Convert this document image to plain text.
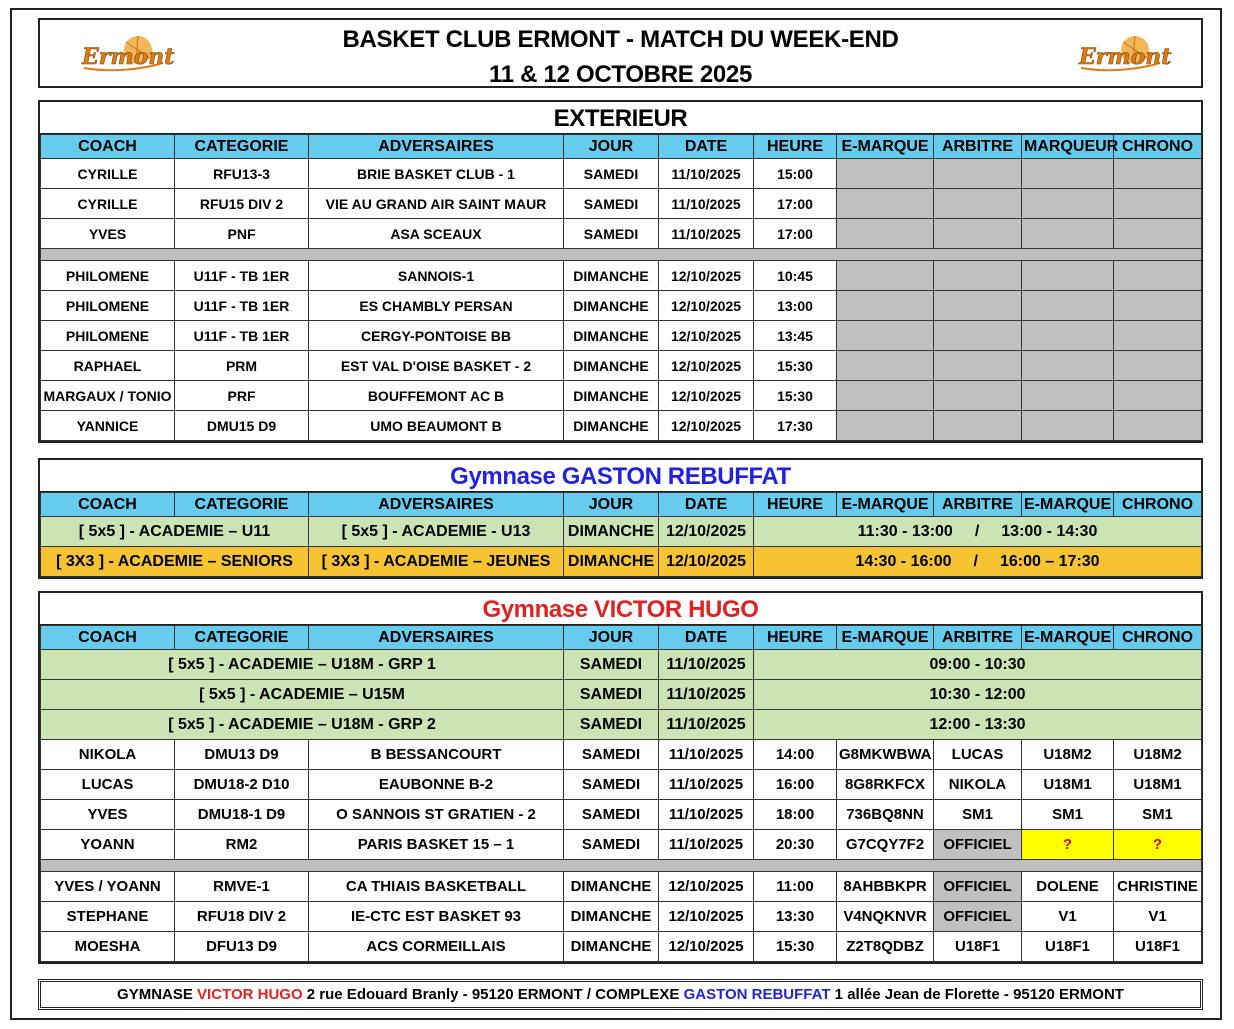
Ermont
BASKET CLUB ERMONT - MATCH DU WEEK-END
11 & 12 OCTOBRE 2025
Ermont
EXTERIEUR
COACH	CATEGORIE	ADVERSAIRES	JOUR	DATE	HEURE	E-MARQUE	ARBITRE	MARQUEUR	CHRONO
CYRILLE	RFU13-3	BRIE BASKET CLUB - 1	SAMEDI	11/10/2025	15:00				
CYRILLE	RFU15 DIV 2	VIE AU GRAND AIR SAINT MAUR	SAMEDI	11/10/2025	17:00				
YVES	PNF	ASA SCEAUX	SAMEDI	11/10/2025	17:00				

PHILOMENE	U11F - TB 1ER	SANNOIS-1	DIMANCHE	12/10/2025	10:45				
PHILOMENE	U11F - TB 1ER	ES CHAMBLY PERSAN	DIMANCHE	12/10/2025	13:00				
PHILOMENE	U11F - TB 1ER	CERGY-PONTOISE BB	DIMANCHE	12/10/2025	13:45				
RAPHAEL	PRM	EST VAL D'OISE BASKET - 2	DIMANCHE	12/10/2025	15:30				
MARGAUX / TONIO	PRF	BOUFFEMONT AC B	DIMANCHE	12/10/2025	15:30				
YANNICE	DMU15 D9	UMO BEAUMONT B	DIMANCHE	12/10/2025	17:30				
Gymnase GASTON REBUFFAT
COACH	CATEGORIE	ADVERSAIRES	JOUR	DATE	HEURE	E-MARQUE	ARBITRE	E-MARQUE	CHRONO
[ 5x5 ] - ACADEMIE – U11		[ 5x5 ] - ACADEMIE - U13	DIMANCHE	12/10/2025	11:30 - 13:00 / 13:00 - 14:30				
[ 3X3 ] - ACADEMIE – SENIORS		[ 3X3 ] - ACADEMIE – JEUNES	DIMANCHE	12/10/2025	14:30 - 16:00 / 16:00 – 17:30				
Gymnase VICTOR HUGO
COACH	CATEGORIE	ADVERSAIRES	JOUR	DATE	HEURE	E-MARQUE	ARBITRE	E-MARQUE	CHRONO
[ 5x5 ] - ACADEMIE – U18M - GRP 1			SAMEDI	11/10/2025	09:00 - 10:30				
[ 5x5 ] - ACADEMIE – U15M			SAMEDI	11/10/2025	10:30 - 12:00				
[ 5x5 ] - ACADEMIE – U18M - GRP 2			SAMEDI	11/10/2025	12:00 - 13:30				
NIKOLA	DMU13 D9	B BESSANCOURT	SAMEDI	11/10/2025	14:00	G8MKWBWA	LUCAS	U18M2	U18M2
LUCAS	DMU18-2 D10	EAUBONNE B-2	SAMEDI	11/10/2025	16:00	8G8RKFCX	NIKOLA	U18M1	U18M1
YVES	DMU18-1 D9	O SANNOIS ST GRATIEN - 2	SAMEDI	11/10/2025	18:00	736BQ8NN	SM1	SM1	SM1
YOANN	RM2	PARIS BASKET 15 – 1	SAMEDI	11/10/2025	20:30	G7CQY7F2	OFFICIEL	?	?

YVES / YOANN	RMVE-1	CA THIAIS BASKETBALL	DIMANCHE	12/10/2025	11:00	8AHBBKPR	OFFICIEL	DOLENE	CHRISTINE
STEPHANE	RFU18 DIV 2	IE-CTC EST BASKET 93	DIMANCHE	12/10/2025	13:30	V4NQKNVR	OFFICIEL	V1	V1
MOESHA	DFU13 D9	ACS CORMEILLAIS	DIMANCHE	12/10/2025	15:30	Z2T8QDBZ	U18F1	U18F1	U18F1
GYMNASE VICTOR HUGO 2 rue Edouard Branly - 95120 ERMONT / COMPLEXE GASTON REBUFFAT 1 allée Jean de Florette - 95120 ERMONT
